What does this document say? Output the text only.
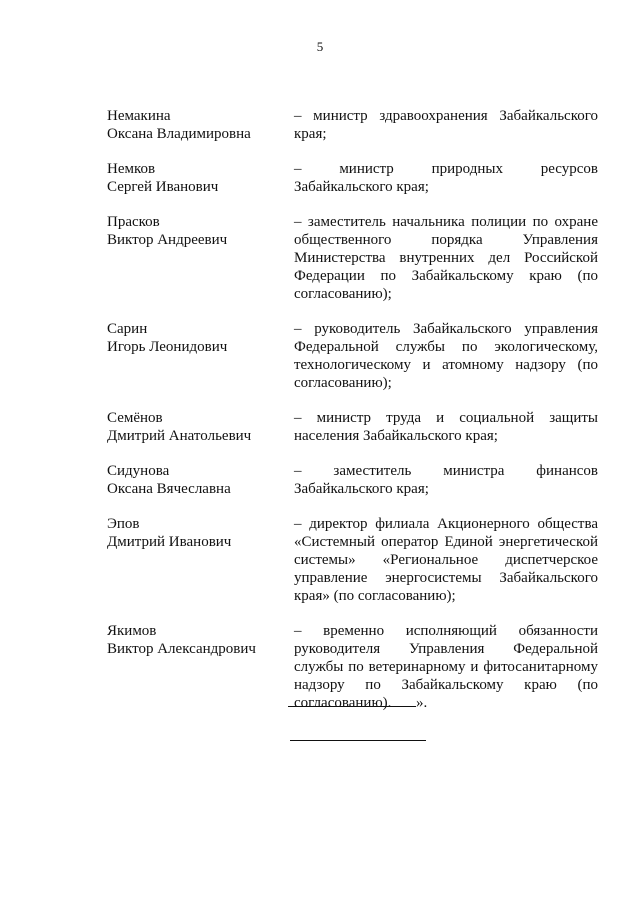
5
Немакина
Оксана Владимировна
– министр здравоохранения Забайкальского края;
Немков
Сергей Иванович
– министр природных ресурсов Забайкальского края;
Прасков
Виктор Андреевич
– заместитель начальника полиции по охране общественного порядка Управления Министерства внутренних дел Российской Федерации по Забайкальскому краю (по согласованию);
Сарин
Игорь Леонидович
– руководитель Забайкальского управления Федеральной службы по экологическому, технологическому и атомному надзору (по согласованию);
Семёнов
Дмитрий Анатольевич
– министр труда и социальной защиты населения Забайкальского края;
Сидунова
Оксана Вячеславна
– заместитель министра финансов Забайкальского края;
Эпов
Дмитрий Иванович
– директор филиала Акционерного общества «Системный оператор Единой энергетической системы» «Региональное диспетчерское управление энергосистемы Забайкальского края» (по согласованию);
Якимов
Виктор Александрович
– временно исполняющий обязанности руководителя Управления Федеральной службы по ветеринарному и фитосанитарному надзору по Забайкальскому краю (по согласованию).	».
